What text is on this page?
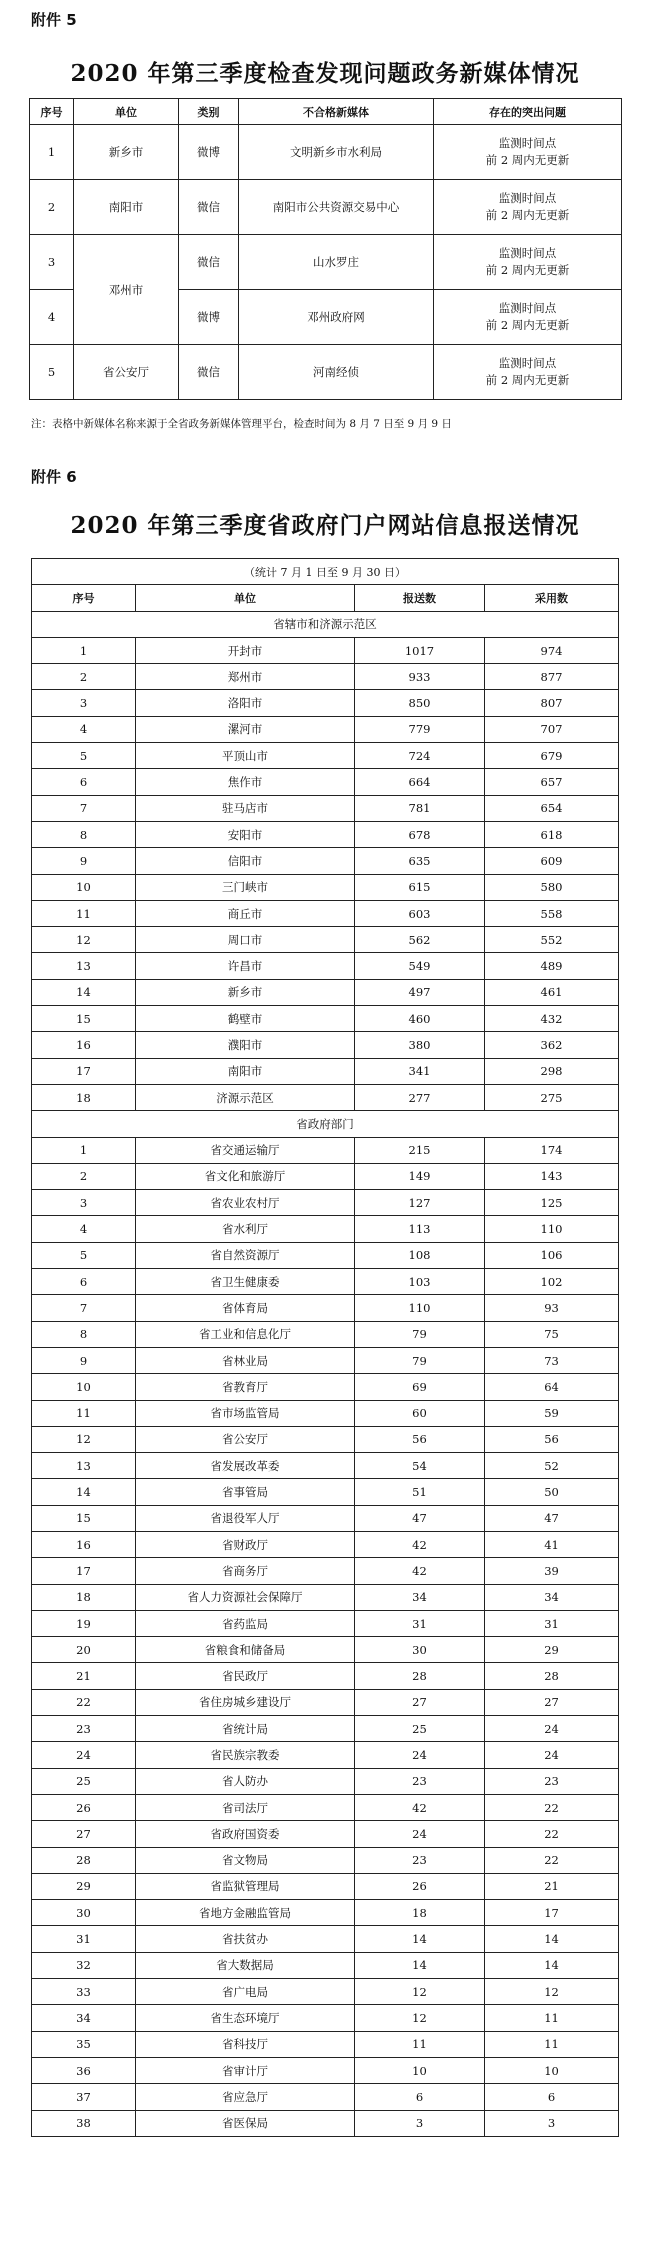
附件 5
2020 年第三季度检查发现问题政务新媒体情况
序号	单位	类别	不合格新媒体	存在的突出问题
1	新乡市	微博	文明新乡市水利局	监测时间点
前 2 周内无更新

2	南阳市	微信	南阳市公共资源交易中心	监测时间点
前 2 周内无更新

3	邓州市	微信	山水罗庄	监测时间点
前 2 周内无更新

4		微博	邓州政府网	监测时间点
前 2 周内无更新

5	省公安厅	微信	河南经侦	监测时间点
前 2 周内无更新
注：表格中新媒体名称来源于全省政务新媒体管理平台，检查时间为 8 月 7 日至 9 月 9 日
附件 6
2020 年第三季度省政府门户网站信息报送情况
（统计 7 月 1 日至 9 月 30 日）			
序号	单位	报送数	采用数
省辖市和济源示范区			
1	开封市	1017	974
2	郑州市	933	877
3	洛阳市	850	807
4	漯河市	779	707
5	平顶山市	724	679
6	焦作市	664	657
7	驻马店市	781	654
8	安阳市	678	618
9	信阳市	635	609
10	三门峡市	615	580
11	商丘市	603	558
12	周口市	562	552
13	许昌市	549	489
14	新乡市	497	461
15	鹤壁市	460	432
16	濮阳市	380	362
17	南阳市	341	298
18	济源示范区	277	275
省政府部门			
1	省交通运输厅	215	174
2	省文化和旅游厅	149	143
3	省农业农村厅	127	125
4	省水利厅	113	110
5	省自然资源厅	108	106
6	省卫生健康委	103	102
7	省体育局	110	93
8	省工业和信息化厅	79	75
9	省林业局	79	73
10	省教育厅	69	64
11	省市场监管局	60	59
12	省公安厅	56	56
13	省发展改革委	54	52
14	省事管局	51	50
15	省退役军人厅	47	47
16	省财政厅	42	41
17	省商务厅	42	39
18	省人力资源社会保障厅	34	34
19	省药监局	31	31
20	省粮食和储备局	30	29
21	省民政厅	28	28
22	省住房城乡建设厅	27	27
23	省统计局	25	24
24	省民族宗教委	24	24
25	省人防办	23	23
26	省司法厅	42	22
27	省政府国资委	24	22
28	省文物局	23	22
29	省监狱管理局	26	21
30	省地方金融监管局	18	17
31	省扶贫办	14	14
32	省大数据局	14	14
33	省广电局	12	12
34	省生态环境厅	12	11
35	省科技厅	11	11
36	省审计厅	10	10
37	省应急厅	6	6
38	省医保局	3	3
